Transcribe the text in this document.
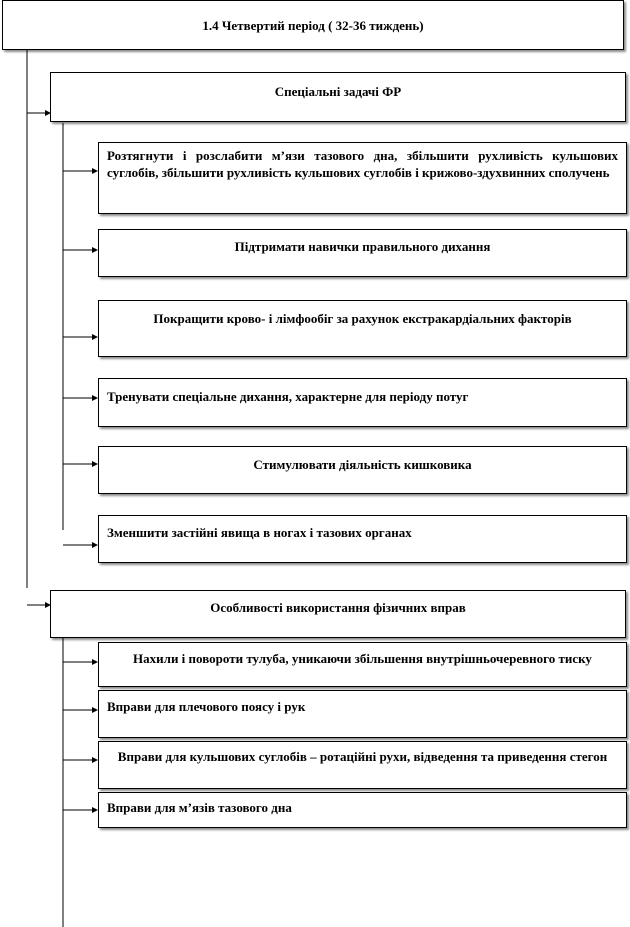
1.4 Четвертий період ( 32-36 тиждень)
Спеціальні задачі ФР
Розтягнути і розслабити м’язи тазового дна, збільшити рухливість кульшових суглобів, збільшити рухливість кульшових суглобів і крижово-здухвинних сполучень
Підтримати навички правильного дихання
Покращити крово- і лімфообіг за рахунок екстракардіальних факторів
Тренувати спеціальне дихання, характерне для періоду потуг
Стимулювати діяльність кишковика
Зменшити застійні явища в ногах і тазових органах
Особливості використання фізичних вправ
Нахили і повороти тулуба, уникаючи збільшення внутрішньочеревного тиску
Вправи для плечового поясу і рук
Вправи для кульшових суглобів – ротаційні рухи, відведення та приведення стегон
Вправи для м’язів тазового дна
